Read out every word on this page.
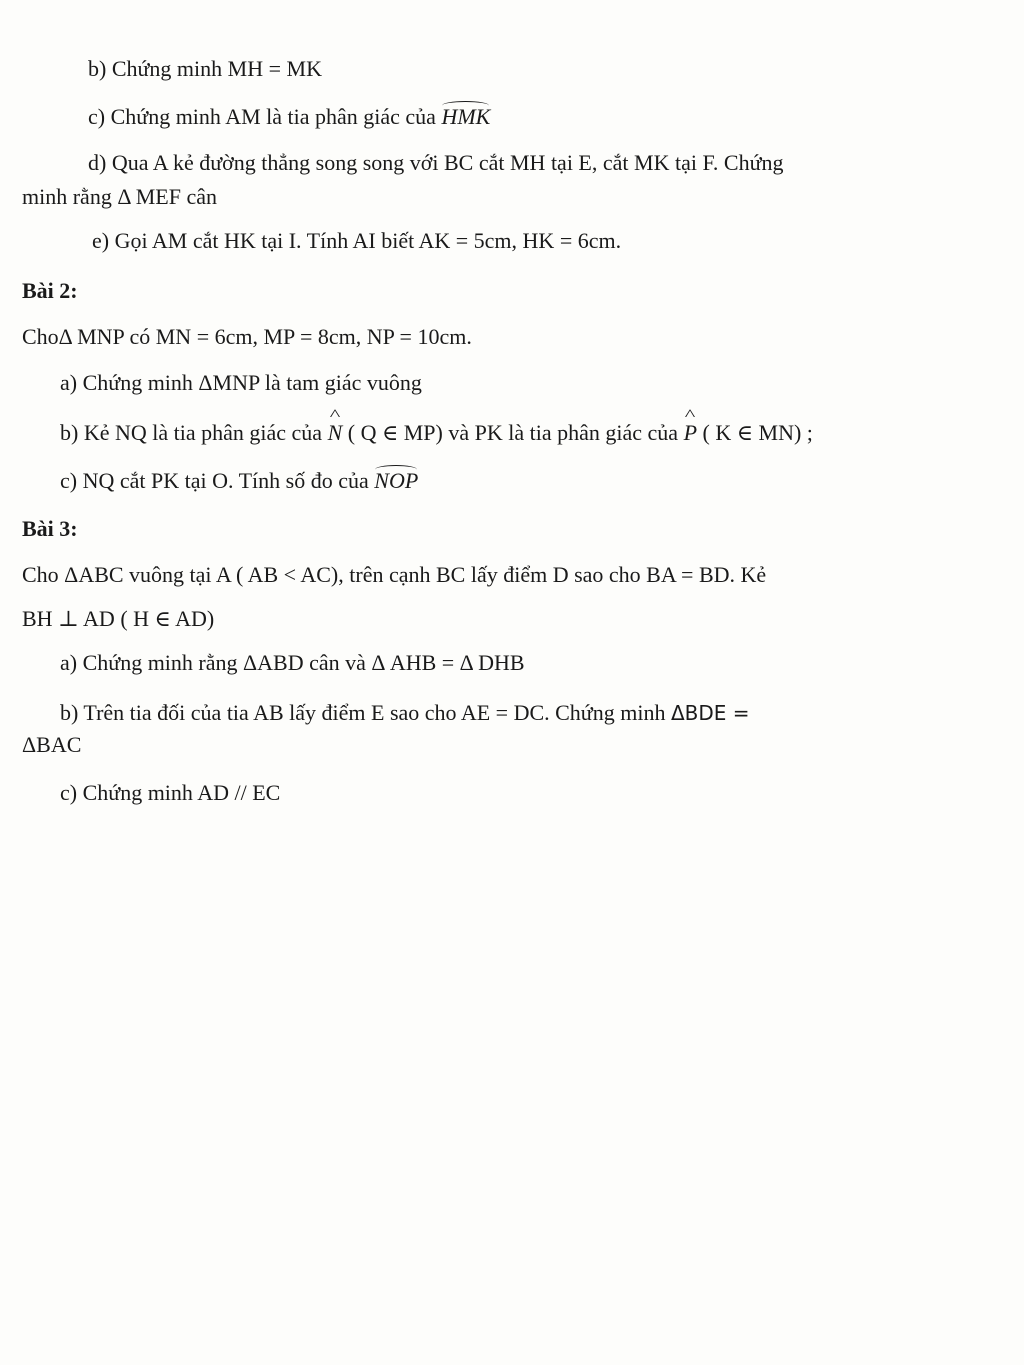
b) Chứng minh MH = MK
c) Chứng minh AM là tia phân giác của HMK
d) Qua A kẻ đường thẳng song song với BC cắt MH tại E, cắt MK tại F. Chứng
minh rằng Δ MEF cân
e) Gọi AM cắt HK tại I. Tính AI biết AK = 5cm, HK = 6cm.
Bài 2:
ChoΔ MNP có MN = 6cm, MP = 8cm, NP = 10cm.
a) Chứng minh ΔMNP là tam giác vuông
b) Kẻ NQ là tia phân giác của ^ N ( Q ∈ MP) và PK là tia phân giác của ^ P ( K ∈ MN) ;
c) NQ cắt PK tại O. Tính số đo của NOP
Bài 3:
Cho ΔABC vuông tại A ( AB < AC), trên cạnh BC lấy điểm D sao cho BA = BD. Kẻ
BH ⊥ AD ( H ∈ AD)
a) Chứng minh rằng ΔABD cân và Δ AHB = Δ DHB
b) Trên tia đối của tia AB lấy điểm E sao cho AE = DC. Chứng minh ΔBDE =
ΔBAC
c) Chứng minh AD // EC
